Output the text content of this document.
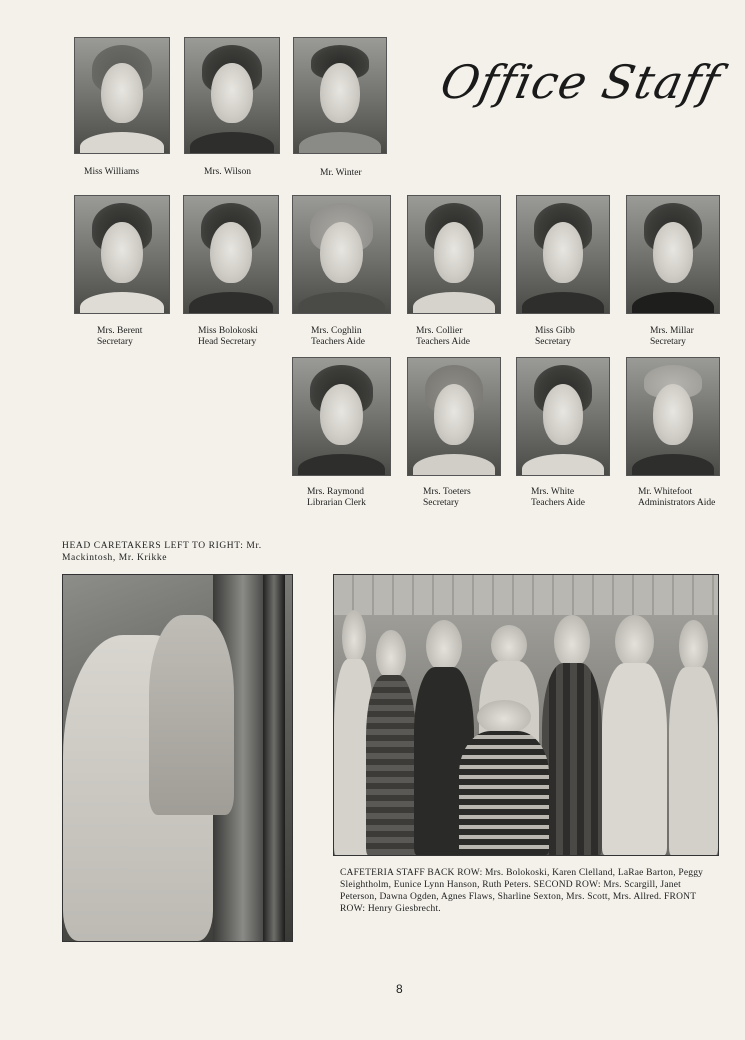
Office Staff
Miss Williams	Mrs. Wilson	Mr. Winter
Mrs. Berent
Secretary
Miss Bolokoski
Head Secretary
Mrs. Coghlin
Teachers Aide
Mrs. Collier
Teachers Aide
Miss Gibb
Secretary
Mrs. Millar
Secretary
Mrs. Raymond
Librarian Clerk
Mrs. Toeters
Secretary
Mrs. White
Teachers Aide
Mr. Whitefoot
Administrators Aide
HEAD CARETAKERS LEFT TO RIGHT: Mr. Mackintosh, Mr. Krikke
CAFETERIA STAFF BACK ROW: Mrs. Bolokoski, Karen Clelland, LaRae Barton, Peggy Sleightholm, Eunice Lynn Hanson, Ruth Peters. SECOND ROW: Mrs. Scargill, Janet Peterson, Dawna Ogden, Agnes Flaws, Sharline Sexton, Mrs. Scott, Mrs. Allred. FRONT ROW: Henry Giesbrecht.
8
